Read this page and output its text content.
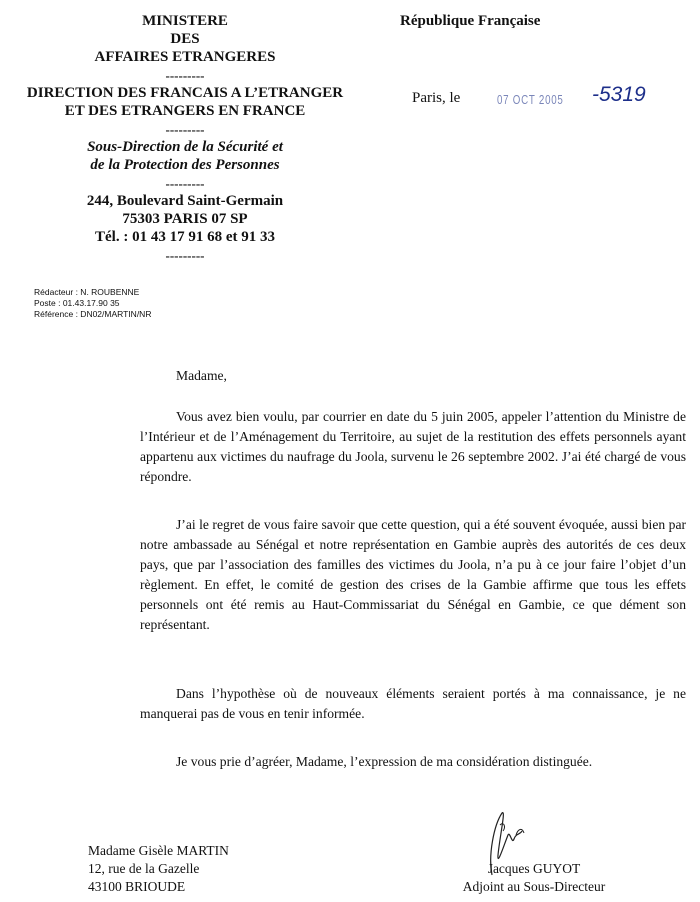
MINISTERE
DES
AFFAIRES ETRANGERES
---------
DIRECTION DES FRANCAIS A L’ETRANGER
ET DES ETRANGERS EN FRANCE
---------
Sous-Direction de la Sécurité et
de la Protection des Personnes
---------
244, Boulevard Saint-Germain
75303 PARIS 07 SP
Tél. : 01 43 17 91 68 et 91 33
---------
République Française
Paris, le	07 OCT 2005 -5319
Rédacteur : N. ROUBENNE
Poste : 01.43.17.90 35
Référence : DN02/MARTIN/NR
Madame,
Vous avez bien voulu, par courrier en date du 5 juin 2005, appeler l’attention du Ministre de l’Intérieur et de l’Aménagement du Territoire, au sujet de la restitution des effets personnels ayant appartenu aux victimes du naufrage du Joola, survenu le 26 septembre 2002. J’ai été chargé de vous répondre.
J’ai le regret de vous faire savoir que cette question, qui a été souvent évoquée, aussi bien par notre ambassade au Sénégal et notre représentation en Gambie auprès des autorités de ces deux pays, que par l’association des familles des victimes du Joola, n’a pu à ce jour faire l’objet d’un règlement. En effet, le comité de gestion des crises de la Gambie affirme que tous les effets personnels ont été remis au Haut-Commissariat du Sénégal en Gambie, ce que dément son représentant.
Dans l’hypothèse où de nouveaux éléments seraient portés à ma connaissance, je ne manquerai pas de vous en tenir informée.
Je vous prie d’agréer, Madame, l’expression de ma considération distinguée.
Madame Gisèle MARTIN
12, rue de la Gazelle
43100 BRIOUDE
Jacques GUYOT
Adjoint au Sous-Directeur
